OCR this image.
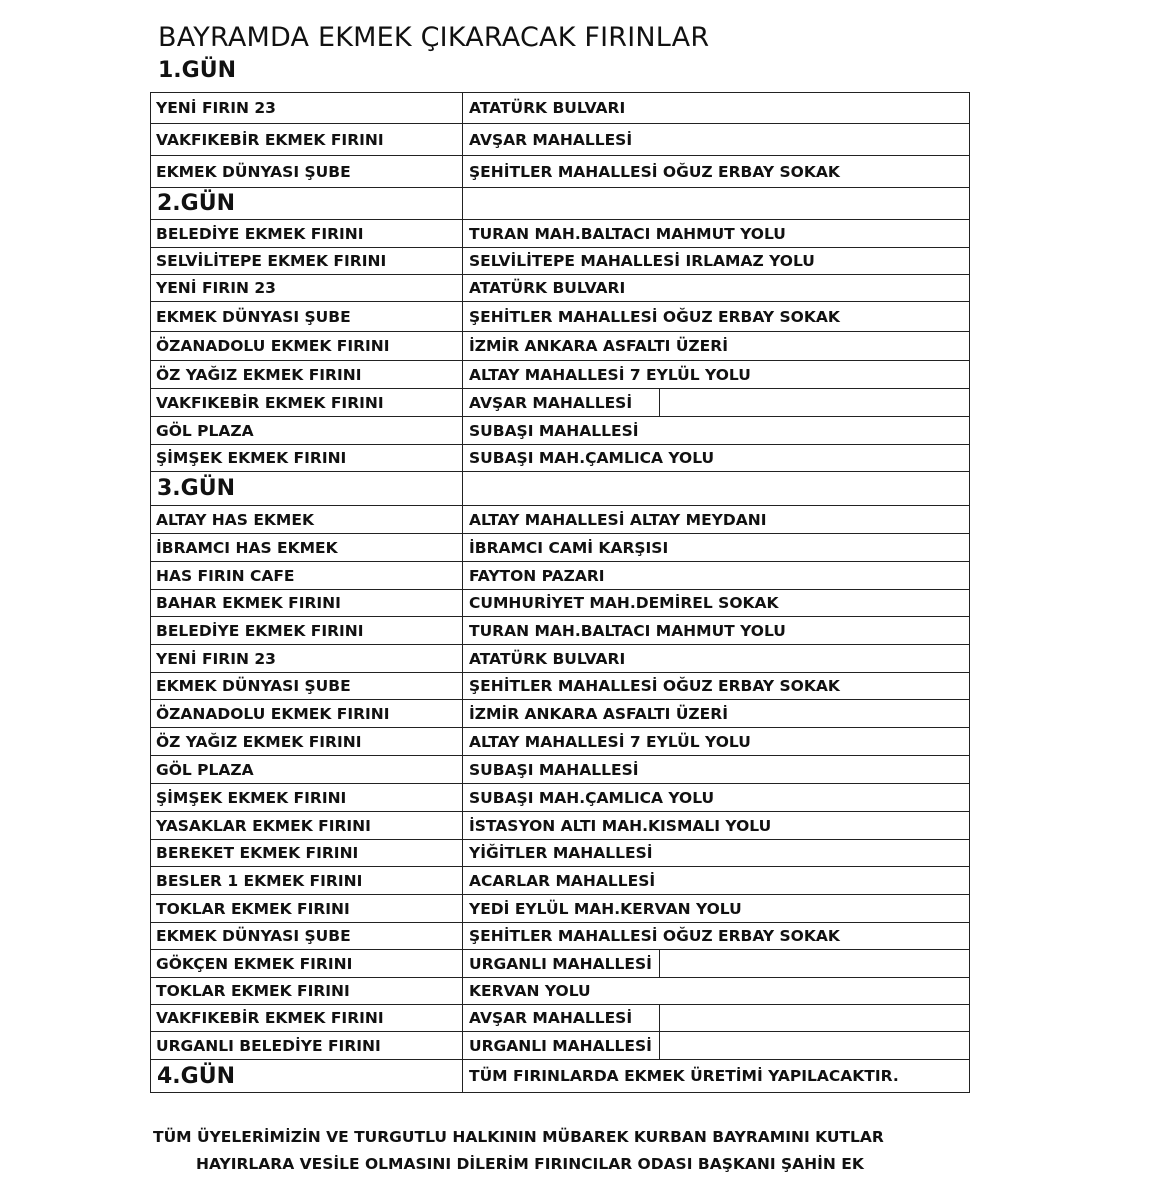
BAYRAMDA EKMEK ÇIKARACAK FIRINLAR
1.GÜN
YENİ FIRIN 23	ATATÜRK BULVARI
VAKFIKEBİR EKMEK FIRINI	AVŞAR MAHALLESİ
EKMEK DÜNYASI ŞUBE	ŞEHİTLER MAHALLESİ OĞUZ ERBAY SOKAK
2.GÜN
BELEDİYE EKMEK FIRINI	TURAN MAH.BALTACI MAHMUT YOLU
SELVİLİTEPE EKMEK FIRINI	SELVİLİTEPE MAHALLESİ IRLAMAZ YOLU
YENİ FIRIN 23	ATATÜRK BULVARI
EKMEK DÜNYASI ŞUBE	ŞEHİTLER MAHALLESİ OĞUZ ERBAY SOKAK
ÖZANADOLU EKMEK FIRINI	İZMİR ANKARA ASFALTI ÜZERİ
ÖZ YAĞIZ EKMEK FIRINI	ALTAY MAHALLESİ 7 EYLÜL YOLU
VAKFIKEBİR EKMEK FIRINI	AVŞAR MAHALLESİ
GÖL PLAZA	SUBAŞI MAHALLESİ
ŞİMŞEK EKMEK FIRINI	SUBAŞI MAH.ÇAMLICA YOLU
3.GÜN
ALTAY HAS EKMEK	ALTAY MAHALLESİ ALTAY MEYDANI
İBRAMCI HAS EKMEK	İBRAMCI CAMİ KARŞISI
HAS FIRIN CAFE	FAYTON PAZARI
BAHAR EKMEK FIRINI	CUMHURİYET MAH.DEMİREL SOKAK
BELEDİYE EKMEK FIRINI	TURAN MAH.BALTACI MAHMUT YOLU
YENİ FIRIN 23	ATATÜRK BULVARI
EKMEK DÜNYASI ŞUBE	ŞEHİTLER MAHALLESİ OĞUZ ERBAY SOKAK
ÖZANADOLU EKMEK FIRINI	İZMİR ANKARA ASFALTI ÜZERİ
ÖZ YAĞIZ EKMEK FIRINI	ALTAY MAHALLESİ 7 EYLÜL YOLU
GÖL PLAZA	SUBAŞI MAHALLESİ
ŞİMŞEK EKMEK FIRINI	SUBAŞI MAH.ÇAMLICA YOLU
YASAKLAR EKMEK FIRINI	İSTASYON ALTI MAH.KISMALI YOLU
BEREKET EKMEK FIRINI	YİĞİTLER MAHALLESİ
BESLER 1 EKMEK FIRINI	ACARLAR MAHALLESİ
TOKLAR EKMEK FIRINI	YEDİ EYLÜL MAH.KERVAN YOLU
EKMEK DÜNYASI ŞUBE	ŞEHİTLER MAHALLESİ OĞUZ ERBAY SOKAK
GÖKÇEN EKMEK FIRINI	URGANLI MAHALLESİ
TOKLAR EKMEK FIRINI	KERVAN YOLU
VAKFIKEBİR EKMEK FIRINI	AVŞAR MAHALLESİ
URGANLI BELEDİYE FIRINI	URGANLI MAHALLESİ
4.GÜN	TÜM FIRINLARDA EKMEK ÜRETİMİ YAPILACAKTIR.
TÜM ÜYELERİMİZİN VE TURGUTLU HALKININ MÜBAREK KURBAN BAYRAMINI KUTLAR
HAYIRLARA VESİLE OLMASINI DİLERİM FIRINCILAR ODASI BAŞKANI ŞAHİN EK
